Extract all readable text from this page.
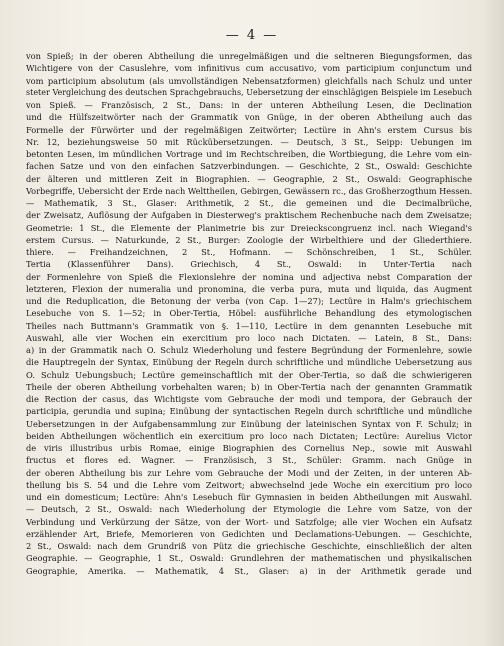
— 4 —
von Spieß; in der oberen Abtheilung die unregelmäßigen und die seltneren Biegungsformen, das
Wichtigere von der Casuslehre, vom infinitivus cum accusativo, vom participium conjunctum und
vom participium absolutum (als umvollständigen Nebensatzformen) gleichfalls nach Schulz und unter
steter Vergleichung des deutschen Sprachgebrauchs, Uebersetzung der einschlägigen Beispiele im Lesebuch
von Spieß. — Französisch, 2 St., Dans: in der unteren Abtheilung Lesen, die Declination
und die Hülfszeitwörter nach der Grammatik von Gnüge, in der oberen Abtheilung auch das
Formelle der Fürwörter und der regelmäßigen Zeitwörter; Lectüre in Ahn's erstem Cursus bis
Nr. 12, beziehungsweise 50 mit Rückübersetzungen. — Deutsch, 3 St., Seipp: Uebungen im
betonten Lesen, im mündlichen Vortrage und im Rechtschreiben, die Wortbiegung, die Lehre vom ein-
fachen Satze und von den einfachen Satzverbindungen. — Geschichte, 2 St., Oswald: Geschichte
der älteren und mittleren Zeit in Biographien. — Geographie, 2 St., Oswald: Geographische
Vorbegriffe, Uebersicht der Erde nach Welttheilen, Gebirgen, Gewässern rc., das Großherzogthum Hessen.
— Mathematik, 3 St., Glaser: Arithmetik, 2 St., die gemeinen und die Decimalbrüche,
der Zweisatz, Auflösung der Aufgaben in Diesterweg's praktischem Rechenbuche nach dem Zweisatze;
Geometrie: 1 St., die Elemente der Planimetrie bis zur Dreieckscongruenz incl. nach Wiegand's
erstem Cursus. — Naturkunde, 2 St., Burger: Zoologie der Wirbelthiere und der Gliederthiere.
thiere. — Freihandzeichnen, 2 St., Hofmann. — Schönschreiben, 1 St., Schüler.
Tertia (Klassenführer Dans). Griechisch, 4 St., Oswald: in Unter-Tertia nach
der Formenlehre von Spieß die Flexionslehre der nomina und adjectiva nebst Comparation der
letzteren, Flexion der numeralia und pronomina, die verba pura, muta und liquida, das Augment
und die Reduplication, die Betonung der verba (von Cap. 1—27); Lectüre in Halm's griechischem
Lesebuche von S. 1—52; in Ober-Tertia, Höbel: ausführliche Behandlung des etymologischen
Theiles nach Buttmann's Grammatik von §. 1—110, Lectüre in dem genannten Lesebuche mit
Auswahl, alle vier Wochen ein exercitium pro loco nach Dictaten. — Latein, 8 St., Dans:
a) in der Grammatik nach O. Schulz Wiederholung und festere Begründung der Formenlehre, sowie
die Hauptregeln der Syntax, Einübung der Regeln durch schriftliche und mündliche Uebersetzung aus
O. Schulz Uebungsbuch; Lectüre gemeinschaftlich mit der Ober-Tertia, so daß die schwierigeren
Theile der oberen Abtheilung vorbehalten waren; b) in Ober-Tertia nach der genannten Grammatik
die Rection der casus, das Wichtigste vom Gebrauche der modi und tempora, der Gebrauch der
participia, gerundia und supina; Einübung der syntactischen Regeln durch schriftliche und mündliche
Uebersetzungen in der Aufgabensammlung zur Einübung der lateinischen Syntax von F. Schulz; in
beiden Abtheilungen wöchentlich ein exercitium pro loco nach Dictaten; Lectüre: Aurelius Victor
de viris illustribus urbis Romae, einige Biographien des Cornelius Nep., sowie mit Auswahl
fructus et flores ed. Wagner. — Französisch, 3 St., Schüler: Gramm. nach Gnüge in
der oberen Abtheilung bis zur Lehre vom Gebrauche der Modi und der Zeiten, in der unteren Ab-
theilung bis S. 54 und die Lehre vom Zeitwort; abwechselnd jede Woche ein exercitium pro loco
und ein domesticum; Lectüre: Ahn's Lesebuch für Gymnasien in beiden Abtheilungen mit Auswahl.
— Deutsch, 2 St., Oswald: nach Wiederholung der Etymologie die Lehre vom Satze, von der
Verbindung und Verkürzung der Sätze, von der Wort- und Satzfolge; alle vier Wochen ein Aufsatz
erzählender Art, Briefe, Memorieren von Gedichten und Declamations-Uebungen. — Geschichte,
2 St., Oswald: nach dem Grundriß von Pütz die griechische Geschichte, einschließlich der alten
Geographie. — Geographie, 1 St., Oswald: Grundlehren der mathematischen und physikalischen
Geographie, Amerika. — Mathematik, 4 St., Glaser: a) in der Arithmetik gerade und
